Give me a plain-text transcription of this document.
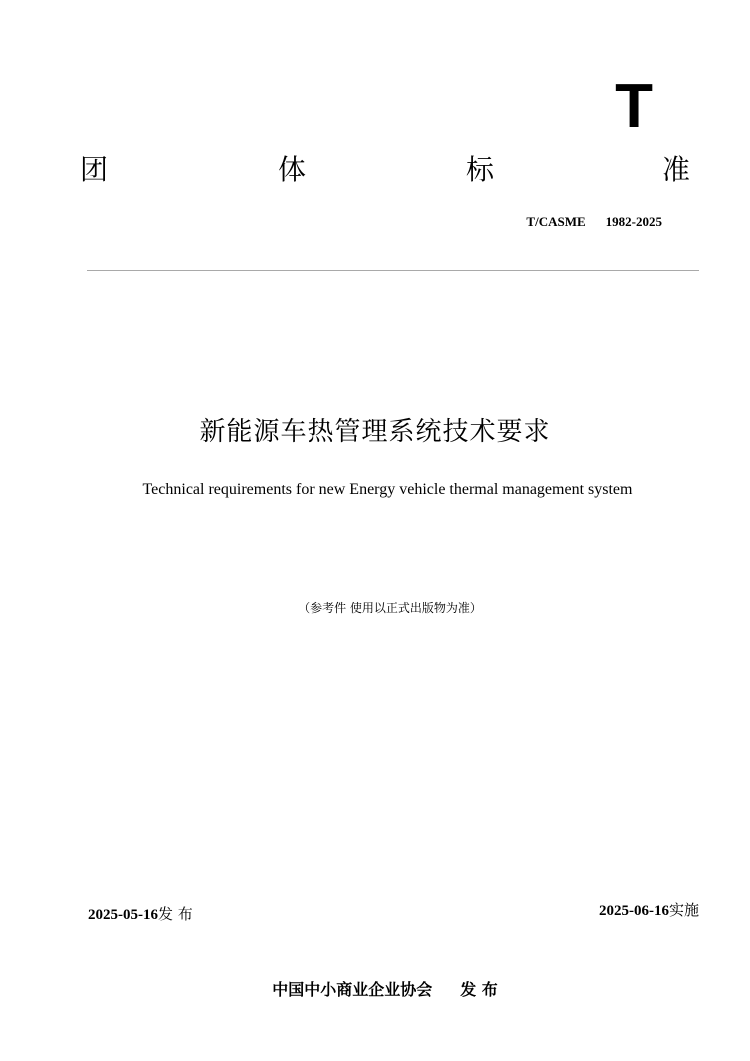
T
团	体	标	准
T/CASME 1982-2025
新能源车热管理系统技术要求
Technical requirements for new Energy vehicle thermal management system
（参考件 使用以正式出版物为准）
2025-05-16发 布	2025-06-16实施
中国中小商业企业协会 发 布
